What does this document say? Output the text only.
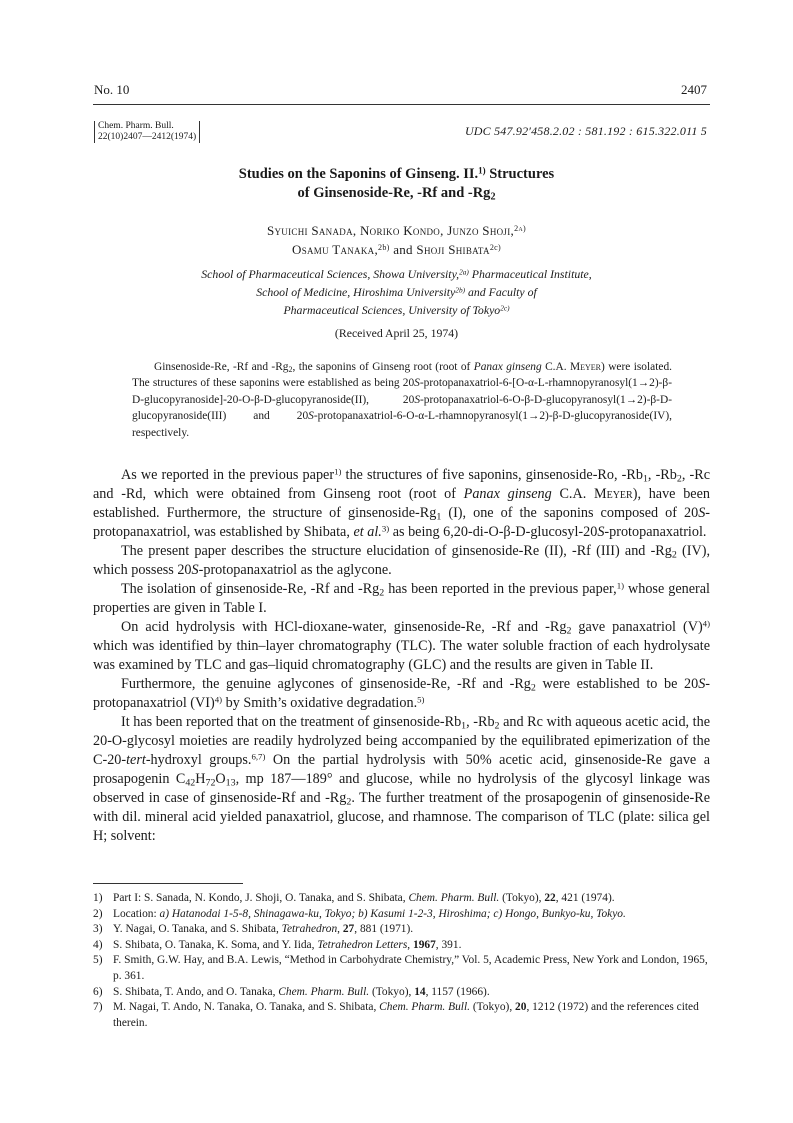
No. 10	2407
Chem. Pharm. Bull.
22(10)2407—2412(1974)	UDC 547.92′458.2.02 : 581.192 : 615.322.011 5
Studies on the Saponins of Ginseng. II.$^{1)}$ Structures
of Ginsenoside-Re, -Rf and $-Rg_2$
Syuichi Sanada, Noriko Kondo, Junzo Shoji,$^{2a)}$
Osamu Tanaka,$^{2b)}$ and Shoji Shibata$^{2c)}$
School of Pharmaceutical Sciences, Showa University,$^{2a)}$ Pharmaceutical Institute,
School of Medicine, Hiroshima University$^{2b)}$ and Faculty of
Pharmaceutical Sciences, University of Tokyo$^{2c)}$
(Received April 25, 1974)

Ginsenoside-Re, -Rf and $-Rg_2$, the saponins of Ginseng root (root of Panax ginseng C.A. Meyer) were isolated. The structures of these saponins were established as being 20S-protopanaxatriol-6-[O-α-L-rhamnopyranosyl(1→2)-β-D-glucopyranoside]-20-O-β-D-glucopyranoside(II), 20S-protopanaxatriol-6-O-β-D-glucopyranosyl(1→2)-β-D-glucopyranoside(III) and 20S-protopanaxatriol-6-O-α-L-rhamnopyranosyl(1→2)-β-D-glucopyranoside(IV), respectively.

As we reported in the previous paper$^{1)}$ the structures of five saponins, ginsenoside-Ro, $-Rb_1$, $-Rb_2$, -Rc and -Rd, which were obtained from Ginseng root (root of Panax ginseng C.A. Meyer), have been established. Furthermore, the structure of ginsenoside-$Rg_1$ (I), one of the saponins composed of 20S-protopanaxatriol, was established by Shibata, et al.$^{3)}$ as being 6,20-di-O-β-D-glucosyl-20S-protopanaxatriol.

The present paper describes the structure elucidation of ginsenoside-Re (II), -Rf (III) and $-Rg_2$ (IV), which possess 20S-protopanaxatriol as the aglycone.

The isolation of ginsenoside-Re, -Rf and $-Rg_2$ has been reported in the previous paper,$^{1)}$ whose general properties are given in Table I.

On acid hydrolysis with HCl-dioxane-water, ginsenoside-Re, -Rf and $-Rg_2$ gave panaxatriol $(V)^{4)}$ which was identified by thin–layer chromatography (TLC). The water soluble fraction of each hydrolysate was examined by TLC and gas–liquid chromatography (GLC) and the results are given in Table II.

Furthermore, the genuine aglycones of ginsenoside-Re, -Rf and $-Rg_2$ were established to be 20S-protopanaxatriol (VI)$^{4)}$ by Smith’s oxidative degradation.$^{5)}$

It has been reported that on the treatment of ginsenoside-$Rb_1$, $-Rb_2$ and Rc with aqueous acetic acid, the 20-O-glycosyl moieties are readily hydrolyzed being accompanied by the equilibrated epimerization of the C-20-tert-hydroxyl groups.$^{6,7)}$ On the partial hydrolysis with 50% acetic acid, ginsenoside-Re gave a prosapogenin $C_{42}H_{72}O_{13}$, mp 187—189° and glucose, while no hydrolysis of the glycosyl linkage was observed in case of ginsenoside-Rf and $-Rg_2$. The further treatment of the prosapogenin of ginsenoside-Re with dil. mineral acid yielded panaxatriol, glucose, and rhamnose. The comparison of TLC (plate: silica gel H; solvent:

1) Part I: S. Sanada, N. Kondo, J. Shoji, O. Tanaka, and S. Shibata, Chem. Pharm. Bull. (Tokyo), 22, 421 (1974).
2) Location: a) Hatanodai 1-5-8, Shinagawa-ku, Tokyo; b) Kasumi 1-2-3, Hiroshima; c) Hongo, Bunkyo-ku, Tokyo.
3) Y. Nagai, O. Tanaka, and S. Shibata, Tetrahedron, 27, 881 (1971).
4) S. Shibata, O. Tanaka, K. Soma, and Y. Iida, Tetrahedron Letters, 1967, 391.
5) F. Smith, G.W. Hay, and B.A. Lewis, “Method in Carbohydrate Chemistry,” Vol. 5, Academic Press, New York and London, 1965, p. 361.
6) S. Shibata, T. Ando, and O. Tanaka, Chem. Pharm. Bull. (Tokyo), 14, 1157 (1966).
7) M. Nagai, T. Ando, N. Tanaka, O. Tanaka, and S. Shibata, Chem. Pharm. Bull. (Tokyo), 20, 1212 (1972) and the references cited therein.
